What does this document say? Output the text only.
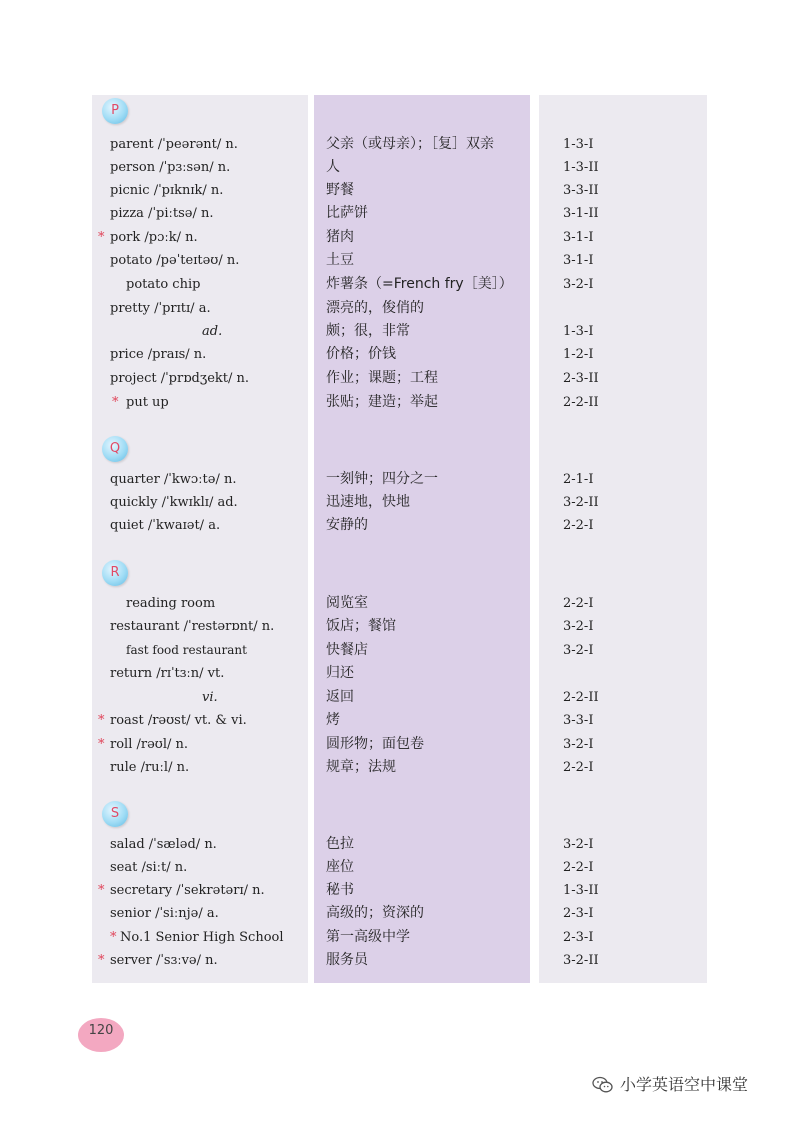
P
parent /ˈpeərənt/ n.	父亲（或母亲）；［复］双亲	1-3-I
person /ˈpɜːsən/ n.	人	1-3-II
picnic /ˈpɪknɪk/ n.	野餐	3-3-II
pizza /ˈpiːtsə/ n.	比萨饼	3-1-II
* pork /pɔːk/ n.	猪肉	3-1-I
potato /pəˈteɪtəʊ/ n.	土豆	3-1-I
potato chip	炸薯条（=French fry［美］）	3-2-I
pretty /ˈprɪtɪ/ a.	漂亮的，俊俏的
ad.	颇；很，非常	1-3-I
price /praɪs/ n.	价格；价钱	1-2-I
project /ˈprɒdʒekt/ n.	作业；课题；工程	2-3-II
* put up	张贴；建造；举起	2-2-II
Q
quarter /ˈkwɔːtə/ n.	一刻钟；四分之一	2-1-I
quickly /ˈkwɪklɪ/ ad.	迅速地，快地	3-2-II
quiet /ˈkwaɪət/ a.	安静的	2-2-I
R
reading room	阅览室	2-2-I
restaurant /ˈrestərɒnt/ n.	饭店；餐馆	3-2-I
fast food restaurant	快餐店	3-2-I
return /rɪˈtɜːn/ vt.	归还
vi.	返回	2-2-II
* roast /rəʊst/ vt. & vi.	烤	3-3-I
* roll /rəʊl/ n.	圆形物；面包卷	3-2-I
rule /ruːl/ n.	规章；法规	2-2-I
S
salad /ˈsæləd/ n.	色拉	3-2-I
seat /siːt/ n.	座位	2-2-I
* secretary /ˈsekrətərɪ/ n.	秘书	1-3-II
senior /ˈsiːnjə/ a.	高级的；资深的	2-3-I
* No.1 Senior High School	第一高级中学	2-3-I
* server /ˈsɜːvə/ n.	服务员	3-2-II
120
小学英语空中课堂
